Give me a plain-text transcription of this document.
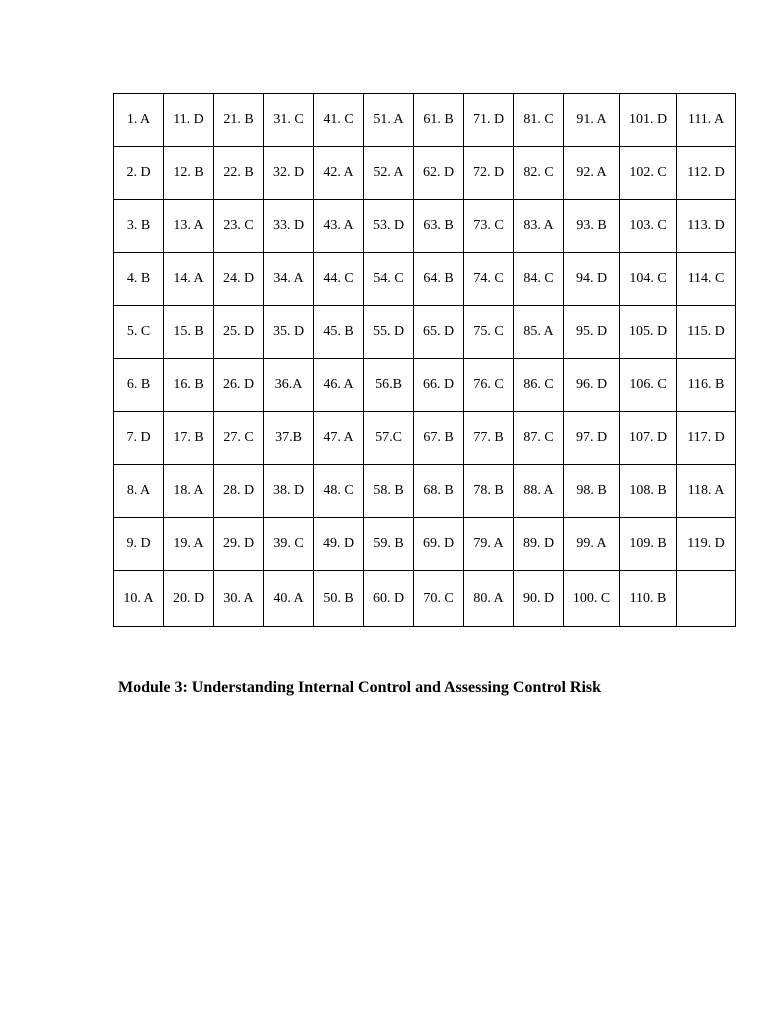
1. A	11. D	21. B	31. C	41. C	51. A	61. B	71. D	81. C	91. A	101. D	111. A
2. D	12. B	22. B	32. D	42. A	52. A	62. D	72. D	82. C	92. A	102. C	112. D
3. B	13. A	23. C	33. D	43. A	53. D	63. B	73. C	83. A	93. B	103. C	113. D
4. B	14. A	24. D	34. A	44. C	54. C	64. B	74. C	84. C	94. D	104. C	114. C
5. C	15. B	25. D	35. D	45. B	55. D	65. D	75. C	85. A	95. D	105. D	115. D
6. B	16. B	26. D	36.A	46. A	56.B	66. D	76. C	86. C	96. D	106. C	116. B
7. D	17. B	27. C	37.B	47. A	57.C	67. B	77. B	87. C	97. D	107. D	117. D
8. A	18. A	28. D	38. D	48. C	58. B	68. B	78. B	88. A	98. B	108. B	118. A
9. D	19. A	29. D	39. C	49. D	59. B	69. D	79. A	89. D	99. A	109. B	119. D
10. A	20. D	30. A	40. A	50. B	60. D	70. C	80. A	90. D	100. C	110. B	
Module 3: Understanding Internal Control and Assessing Control Risk
